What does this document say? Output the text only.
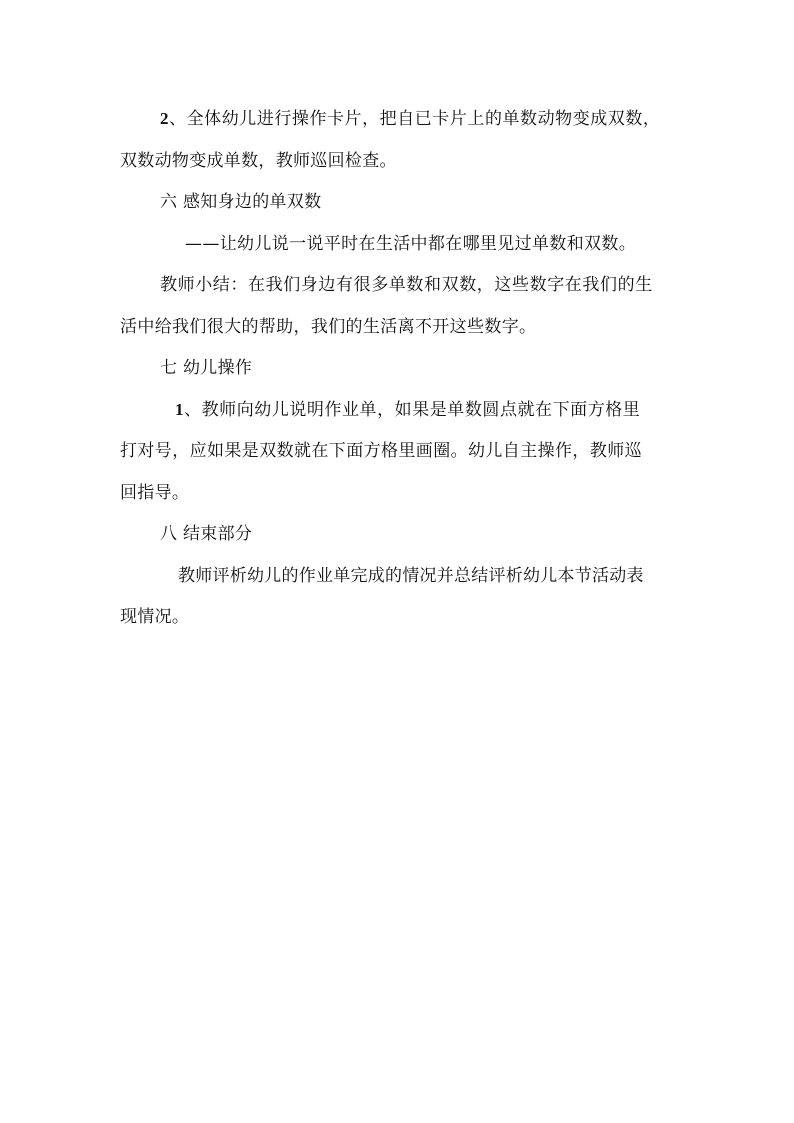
2、全体幼儿进行操作卡片，把自已卡片上的单数动物变成双数，
双数动物变成单数，教师巡回检查。
六 感知身边的单双数
——让幼儿说一说平时在生活中都在哪里见过单数和双数。
教师小结：在我们身边有很多单数和双数，这些数字在我们的生
活中给我们很大的帮助，我们的生活离不开这些数字。
七 幼儿操作
1、教师向幼儿说明作业单，如果是单数圆点就在下面方格里
打对号，应如果是双数就在下面方格里画圈。幼儿自主操作，教师巡
回指导。
八 结束部分
教师评析幼儿的作业单完成的情况并总结评析幼儿本节活动表
现情况。
